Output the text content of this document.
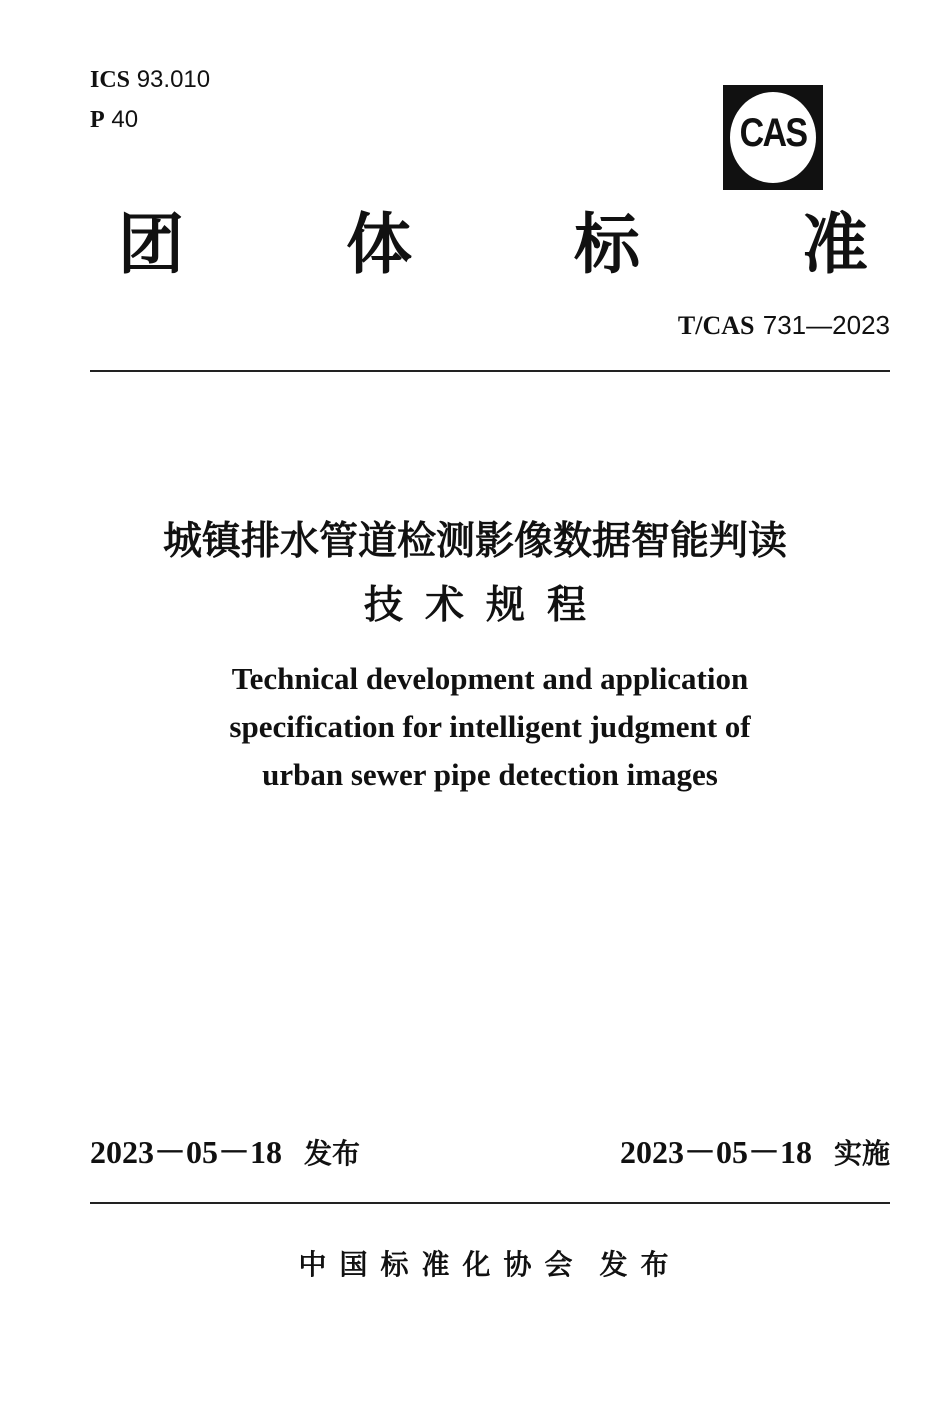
ICS 93.010
P 40	CAS
团 体 标 准
T/CAS 731—2023
城镇排水管道检测影像数据智能判读
技术规程
Technical development and application
specification for intelligent judgment of
urban sewer pipe detection images
2023－05－18 发布	2023－05－18 实施
中国标准化协会 发布
